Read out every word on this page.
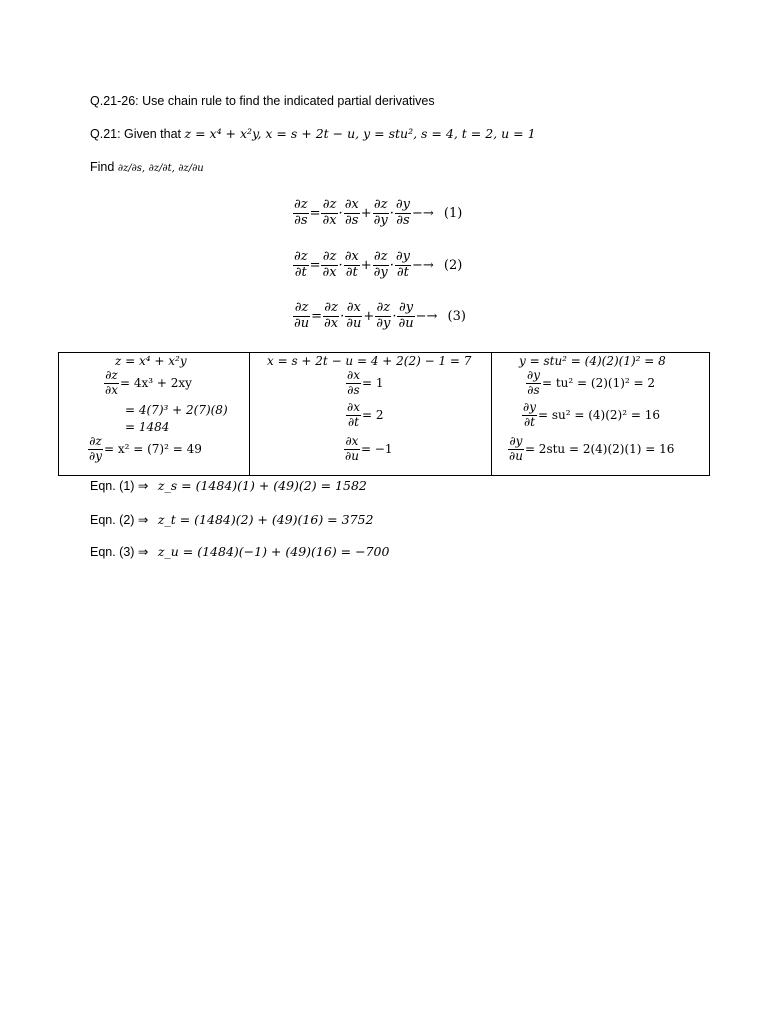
Q.21-26: Use chain rule to find the indicated partial derivatives
Q.21: Given that z = x⁴ + x²y, x = s + 2t − u, y = stu², s = 4, t = 2, u = 1
Find ∂z/∂s, ∂z/∂t, ∂z/∂u
$\frac{\partial z}{\partial s} = \frac{\partial z}{\partial x} \cdot \frac{\partial x}{\partial s} + \frac{\partial z}{\partial y} \cdot \frac{\partial y}{\partial s} -\to (1)$
$\frac{\partial z}{\partial t} = \frac{\partial z}{\partial x} \cdot \frac{\partial x}{\partial t} + \frac{\partial z}{\partial y} \cdot \frac{\partial y}{\partial t} -\to (2)$
$\frac{\partial z}{\partial u} = \frac{\partial z}{\partial x} \cdot \frac{\partial x}{\partial u} + \frac{\partial z}{\partial y} \cdot \frac{\partial y}{\partial u} -\to (3)$
z = x⁴ + x²y
$\frac{\partial z}{\partial x} = 4x^3 + 2xy$
= 4(7)³ + 2(7)(8)
= 1484
$\frac{\partial z}{\partial y} = x^2 = (7)^2 = 49$
x = s + 2t − u = 4 + 2(2) − 1 = 7
$\frac{\partial x}{\partial s} = 1$
$\frac{\partial x}{\partial t} = 2$
$\frac{\partial x}{\partial u} = -1$
y = stu² = (4)(2)(1)² = 8
$\frac{\partial y}{\partial s} = tu^2 = (2)(1)^2 = 2$
$\frac{\partial y}{\partial t} = su^2 = (4)(2)^2 = 16$
$\frac{\partial y}{\partial u} = 2stu = 2(4)(2)(1) = 16$
Eqn. (1) ⇒ z_s = (1484)(1) + (49)(2) = 1582
Eqn. (2) ⇒ z_t = (1484)(2) + (49)(16) = 3752
Eqn. (3) ⇒ z_u = (1484)(−1) + (49)(16) = −700
